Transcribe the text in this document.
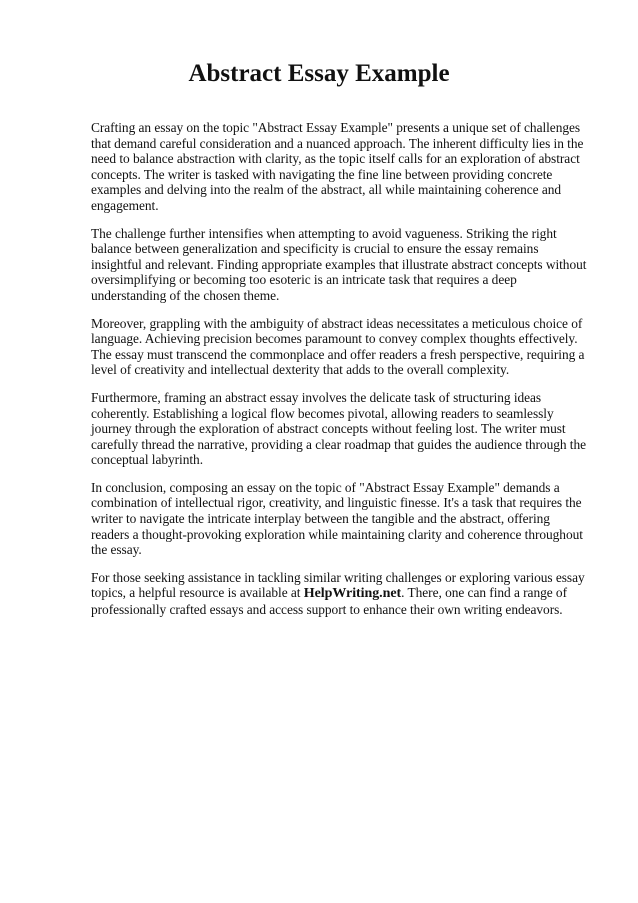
Abstract Essay Example

Crafting an essay on the topic "Abstract Essay Example" presents a unique set of challenges that demand careful consideration and a nuanced approach. The inherent difficulty lies in the need to balance abstraction with clarity, as the topic itself calls for an exploration of abstract concepts. The writer is tasked with navigating the fine line between providing concrete examples and delving into the realm of the abstract, all while maintaining coherence and engagement.

The challenge further intensifies when attempting to avoid vagueness. Striking the right balance between generalization and specificity is crucial to ensure the essay remains insightful and relevant. Finding appropriate examples that illustrate abstract concepts without oversimplifying or becoming too esoteric is an intricate task that requires a deep understanding of the chosen theme.

Moreover, grappling with the ambiguity of abstract ideas necessitates a meticulous choice of language. Achieving precision becomes paramount to convey complex thoughts effectively. The essay must transcend the commonplace and offer readers a fresh perspective, requiring a level of creativity and intellectual dexterity that adds to the overall complexity.

Furthermore, framing an abstract essay involves the delicate task of structuring ideas coherently. Establishing a logical flow becomes pivotal, allowing readers to seamlessly journey through the exploration of abstract concepts without feeling lost. The writer must carefully thread the narrative, providing a clear roadmap that guides the audience through the conceptual labyrinth.

In conclusion, composing an essay on the topic of "Abstract Essay Example" demands a combination of intellectual rigor, creativity, and linguistic finesse. It's a task that requires the writer to navigate the intricate interplay between the tangible and the abstract, offering readers a thought-provoking exploration while maintaining clarity and coherence throughout the essay.

For those seeking assistance in tackling similar writing challenges or exploring various essay topics, a helpful resource is available at HelpWriting.net. There, one can find a range of professionally crafted essays and access support to enhance their own writing endeavors.
